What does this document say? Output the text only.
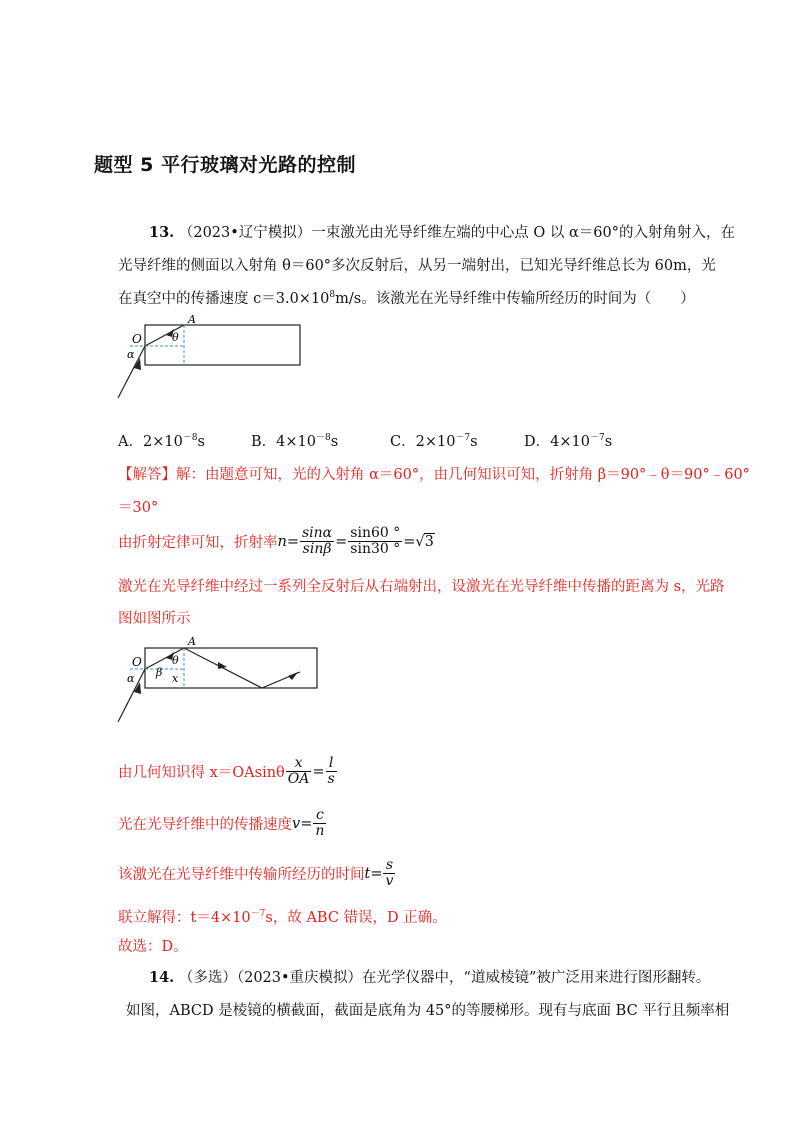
题型 5 平行玻璃对光路的控制
13. （2023•辽宁模拟）一束激光由光导纤维左端的中心点 O 以 α＝60°的入射角射入，在
光导纤维的侧面以入射角 θ＝60°多次反射后，从另一端射出，已知光导纤维总长为 60m，光
在真空中的传播速度 $c=3.0\times 10^8m/s$。该激光在光导纤维中传输所经历的时间为（　　）
O
A
α
θ
A．$2\times 10^{-8}s$	B．$4\times 10^{-8}s$	C．$2\times 10^{-7}s$	D．$4\times 10^{-7}s$
【解答】解：由题意可知，光的入射角 α＝60°，由几何知识可知，折射角 β＝90°﹣θ＝90°﹣60°
＝30°
由折射定律可知，折射率 $n = \frac{\sin\alpha}{\sin\beta} = \frac{\sin 60 ^\circ}{\sin 30 ^\circ} =√3$
激光在光导纤维中经过一系列全反射后从右端射出，设激光在光导纤维中传播的距离为 s，光路
图如图所示
O
A
α β
θ
x
由几何知识得 $x=OAsin\theta \frac{x}{OA} = \frac{l}{s}$
光在光导纤维中的传播速度 $v = \frac{c}{n}$
该激光在光导纤维中传输所经历的时间 $t = \frac{s}{v}$
联立解得：$t=4\times 10^{-7}s$，故 ABC 错误，D 正确。
故选：D。
14. （多选）（2023•重庆模拟）在光学仪器中，“道威棱镜”被广泛用来进行图形翻转。
如图，ABCD 是棱镜的横截面，截面是底角为 45°的等腰梯形。现有与底面 BC 平行且频率相
